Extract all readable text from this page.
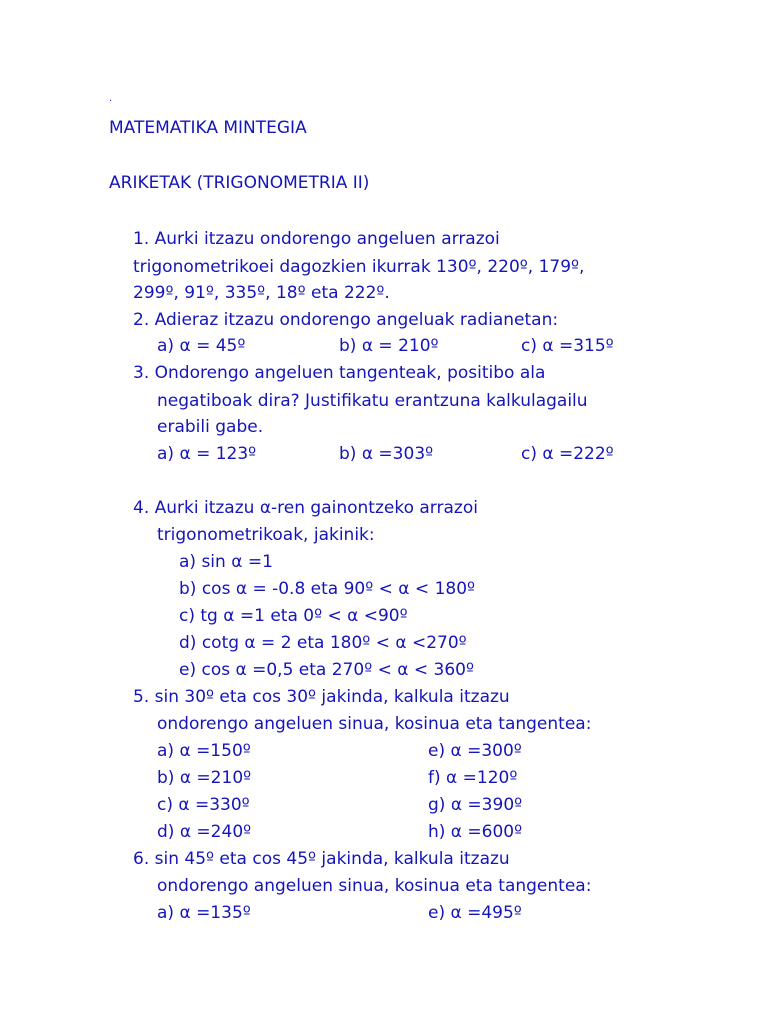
.
MATEMATIKA MINTEGIA
ARIKETAK (TRIGONOMETRIA II)
1. Aurki itzazu ondorengo angeluen arrazoi
trigonometrikoei dagozkien ikurrak 130º, 220º, 179º,
299º, 91º, 335º, 18º eta 222º.
2. Adieraz itzazu ondorengo angeluak radianetan:
a) α = 45º	b) α = 210º	c) α =315º
3. Ondorengo angeluen tangenteak, positibo ala
negatiboak dira? Justifikatu erantzuna kalkulagailu
erabili gabe.
a) α = 123º	b) α =303º	c) α =222º
4. Aurki itzazu α-ren gainontzeko arrazoi
trigonometrikoak, jakinik:
a) sin α =1
b) cos α = -0.8 eta 90º < α < 180º
c) tg α =1 eta 0º < α <90º
d) cotg α = 2 eta 180º < α <270º
e) cos α =0,5 eta 270º < α < 360º
5. sin 30º eta cos 30º jakinda, kalkula itzazu
ondorengo angeluen sinua, kosinua eta tangentea:
a) α =150º	e) α =300º
b) α =210º	f) α =120º
c) α =330º	g) α =390º
d) α =240º	h) α =600º
6. sin 45º eta cos 45º jakinda, kalkula itzazu
ondorengo angeluen sinua, kosinua eta tangentea:
a) α =135º	e) α =495º
